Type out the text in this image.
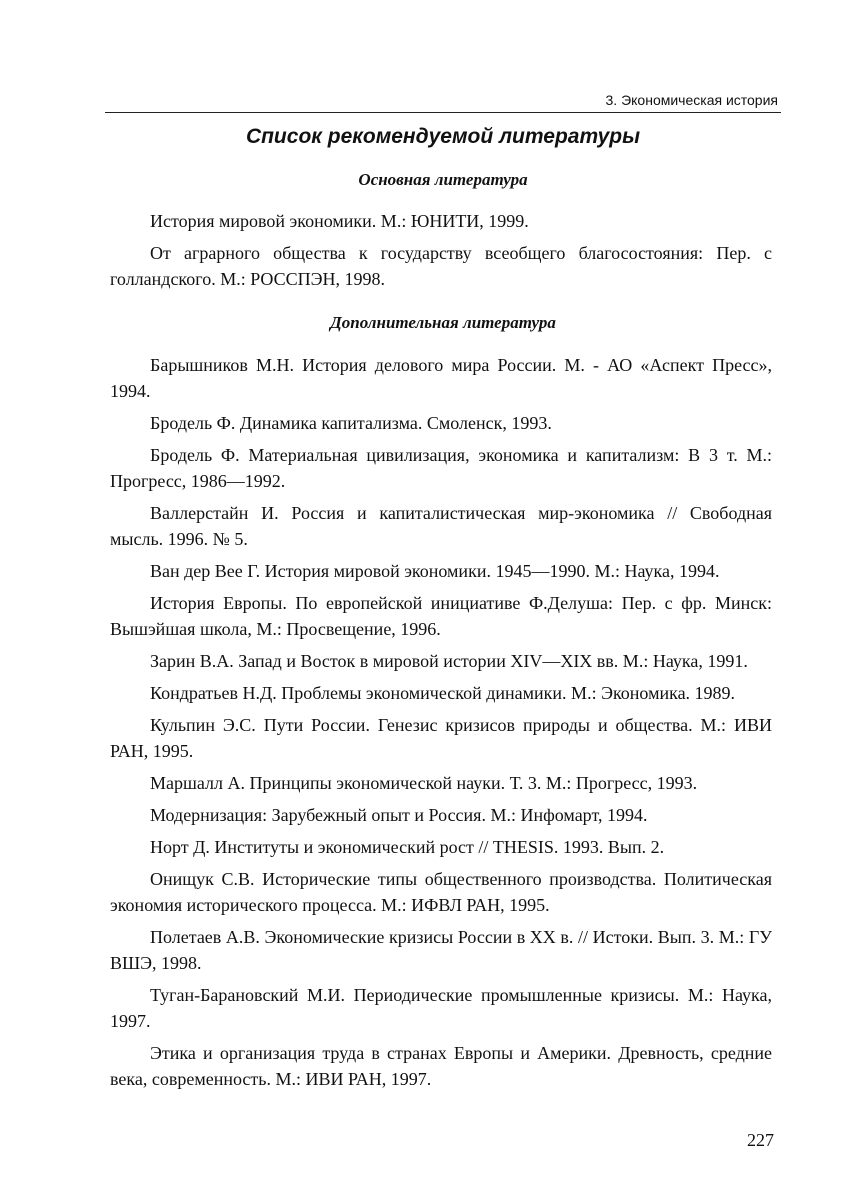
3. Экономическая история
Список рекомендуемой литературы
Основная литература

История мировой экономики. М.: ЮНИТИ, 1999.

От аграрного общества к государству всеобщего благосостояния: Пер. с голландского. М.: РОССПЭН, 1998.

Дополнительная литература

Барышников М.Н. История делового мира России. М. - АО «Аспект Пресс», 1994.

Бродель Ф. Динамика капитализма. Смоленск, 1993.

Бродель Ф. Материальная цивилизация, экономика и капитализм: В 3 т. М.: Прогресс, 1986—1992.

Валлерстайн И. Россия и капиталистическая мир-экономика // Свободная мысль. 1996. № 5.

Ван дер Вее Г. История мировой экономики. 1945—1990. М.: Наука, 1994.

История Европы. По европейской инициативе Ф.Делуша: Пер. с фр. Минск: Вышэйшая школа, М.: Просвещение, 1996.

Зарин В.А. Запад и Восток в мировой истории XIV—XIX вв. М.: Наука, 1991.

Кондратьев Н.Д. Проблемы экономической динамики. М.: Экономика. 1989.

Кульпин Э.С. Пути России. Генезис кризисов природы и общества. М.: ИВИ РАН, 1995.

Маршалл А. Принципы экономической науки. Т. 3. М.: Прогресс, 1993.

Модернизация: Зарубежный опыт и Россия. М.: Инфомарт, 1994.

Норт Д. Институты и экономический рост // THESIS. 1993. Вып. 2.

Онищук С.В. Исторические типы общественного производства. Политическая экономия исторического процесса. М.: ИФВЛ РАН, 1995.

Полетаев А.В. Экономические кризисы России в XX в. // Истоки. Вып. 3. М.: ГУ ВШЭ, 1998.

Туган-Барановский М.И. Периодические промышленные кризисы. М.: Наука, 1997.

Этика и организация труда в странах Европы и Америки. Древность, средние века, современность. М.: ИВИ РАН, 1997.

227
